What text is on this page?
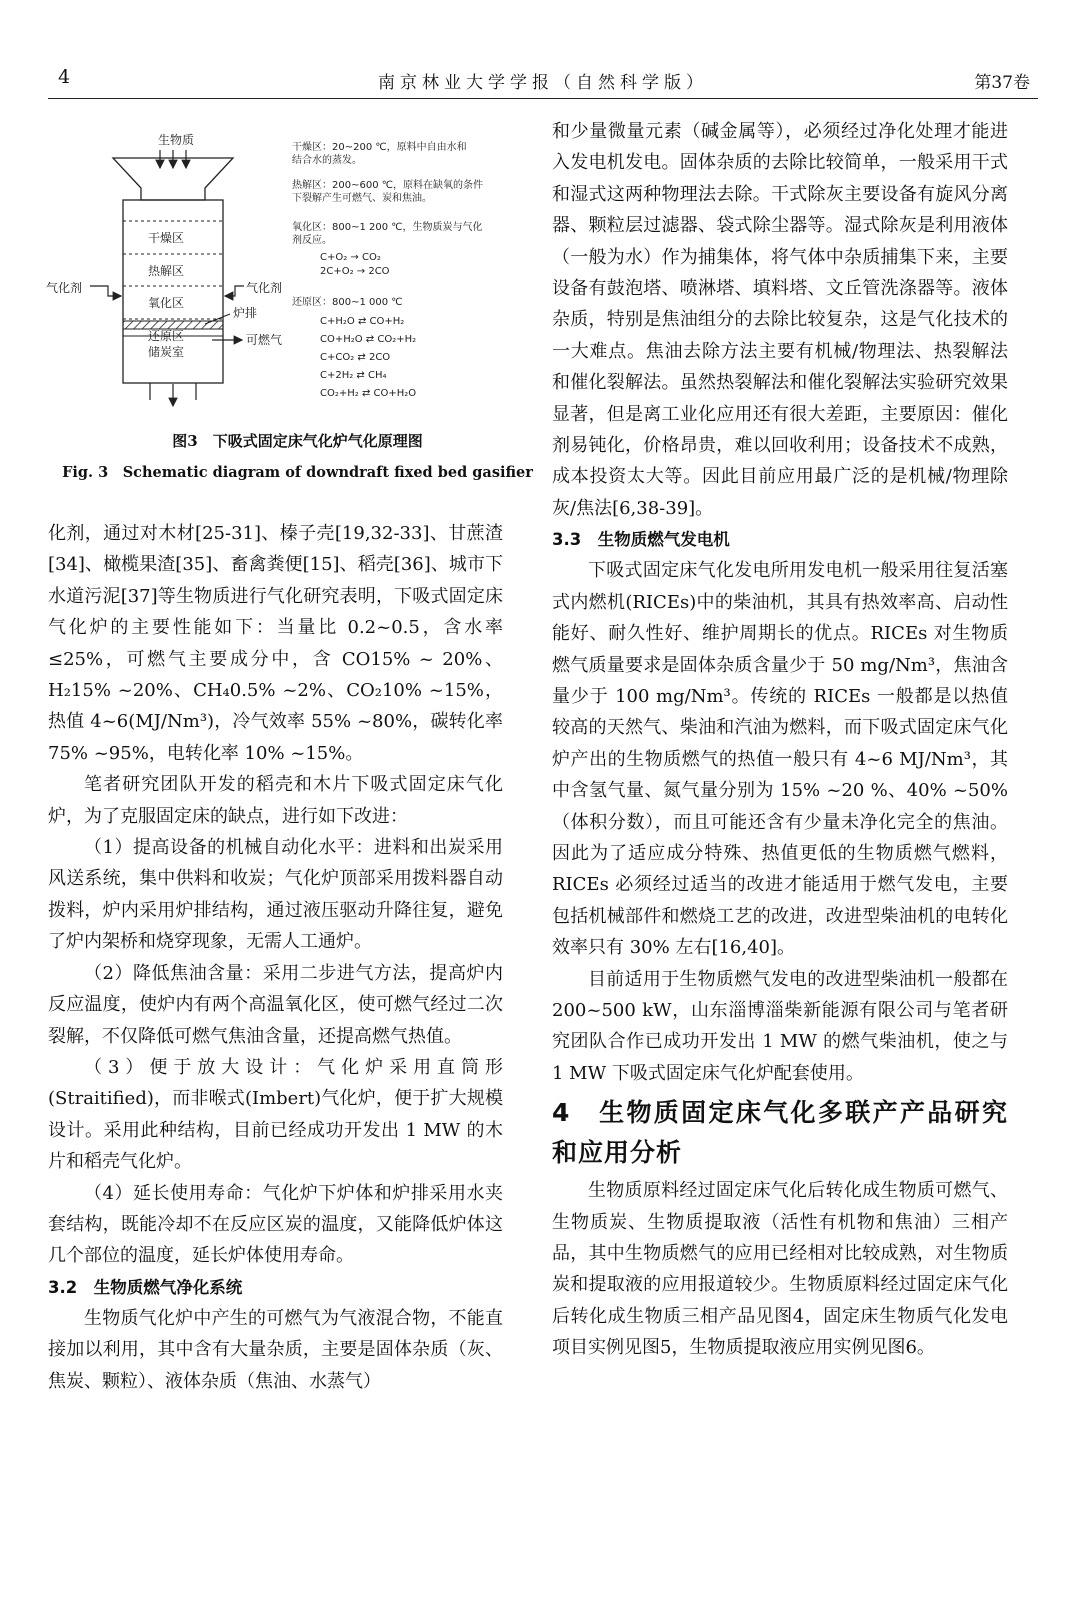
4	南京林业大学学报（自然科学版）	第37卷
生物质
干燥区
热解区
氧化区
还原区
储炭室
气化剂	气化剂
炉排
可燃气
干燥区：20~200 ℃，原料中自由水和
结合水的蒸发。
热解区：200~600 ℃，原料在缺氧的条件
下裂解产生可燃气、炭和焦油。
氧化区：800~1 200 ℃，生物质炭与气化
剂反应。
C+O₂ → CO₂
2C+O₂ → 2CO
还原区：800~1 000 ℃
C+H₂O ⇄ CO+H₂
CO+H₂O ⇄ CO₂+H₂
C+CO₂ ⇄ 2CO
C+2H₂ ⇄ CH₄
CO₂+H₂ ⇄ CO+H₂O
图3　下吸式固定床气化炉气化原理图
Fig. 3　Schematic diagram of downdraft fixed bed gasifier

化剂，通过对木材[25-31]、榛子壳[19,32-33]、甘蔗渣[34]、橄榄果渣[35]、畜禽粪便[15]、稻壳[36]、城市下水道污泥[37]等生物质进行气化研究表明，下吸式固定床气化炉的主要性能如下：当量比 0.2~0.5，含水率≤25%，可燃气主要成分中，含 CO15% ~ 20%、H₂15% ~20%、CH₄0.5% ~2%、CO₂10% ~15%，热值 4~6(MJ/Nm³)，冷气效率 55% ~80%，碳转化率 75% ~95%，电转化率 10% ~15%。

笔者研究团队开发的稻壳和木片下吸式固定床气化炉，为了克服固定床的缺点，进行如下改进：

（1）提高设备的机械自动化水平：进料和出炭采用风送系统，集中供料和收炭；气化炉顶部采用拨料器自动拨料，炉内采用炉排结构，通过液压驱动升降往复，避免了炉内架桥和烧穿现象，无需人工通炉。

（2）降低焦油含量：采用二步进气方法，提高炉内反应温度，使炉内有两个高温氧化区，使可燃气经过二次裂解，不仅降低可燃气焦油含量，还提高燃气热值。

（3）便于放大设计：气化炉采用直筒形(Straitified)，而非喉式(Imbert)气化炉，便于扩大规模设计。采用此种结构，目前已经成功开发出 1 MW 的木片和稻壳气化炉。

（4）延长使用寿命：气化炉下炉体和炉排采用水夹套结构，既能冷却不在反应区炭的温度，又能降低炉体这几个部位的温度，延长炉体使用寿命。

3.2　生物质燃气净化系统

生物质气化炉中产生的可燃气为气液混合物，不能直接加以利用，其中含有大量杂质，主要是固体杂质（灰、焦炭、颗粒）、液体杂质（焦油、水蒸气）

和少量微量元素（碱金属等），必须经过净化处理才能进入发电机发电。固体杂质的去除比较简单，一般采用干式和湿式这两种物理法去除。干式除灰主要设备有旋风分离器、颗粒层过滤器、袋式除尘器等。湿式除灰是利用液体（一般为水）作为捕集体，将气体中杂质捕集下来，主要设备有鼓泡塔、喷淋塔、填料塔、文丘管洗涤器等。液体杂质，特别是焦油组分的去除比较复杂，这是气化技术的一大难点。焦油去除方法主要有机械/物理法、热裂解法和催化裂解法。虽然热裂解法和催化裂解法实验研究效果显著，但是离工业化应用还有很大差距，主要原因：催化剂易钝化，价格昂贵，难以回收利用；设备技术不成熟，成本投资太大等。因此目前应用最广泛的是机械/物理除灰/焦法[6,38-39]。

3.3　生物质燃气发电机

下吸式固定床气化发电所用发电机一般采用往复活塞式内燃机(RICEs)中的柴油机，其具有热效率高、启动性能好、耐久性好、维护周期长的优点。RICEs 对生物质燃气质量要求是固体杂质含量少于 50 mg/Nm³，焦油含量少于 100 mg/Nm³。传统的 RICEs 一般都是以热值较高的天然气、柴油和汽油为燃料，而下吸式固定床气化炉产出的生物质燃气的热值一般只有 4~6 MJ/Nm³，其中含氢气量、氮气量分别为 15% ~20 %、40% ~50%（体积分数），而且可能还含有少量未净化完全的焦油。因此为了适应成分特殊、热值更低的生物质燃气燃料，RICEs 必须经过适当的改进才能适用于燃气发电，主要包括机械部件和燃烧工艺的改进，改进型柴油机的电转化效率只有 30% 左右[16,40]。

目前适用于生物质燃气发电的改进型柴油机一般都在 200~500 kW，山东淄博淄柴新能源有限公司与笔者研究团队合作已成功开发出 1 MW 的燃气柴油机，使之与 1 MW 下吸式固定床气化炉配套使用。

4　生物质固定床气化多联产产品研究和应用分析

生物质原料经过固定床气化后转化成生物质可燃气、生物质炭、生物质提取液（活性有机物和焦油）三相产品，其中生物质燃气的应用已经相对比较成熟，对生物质炭和提取液的应用报道较少。生物质原料经过固定床气化后转化成生物质三相产品见图4，固定床生物质气化发电项目实例见图5，生物质提取液应用实例见图6。
